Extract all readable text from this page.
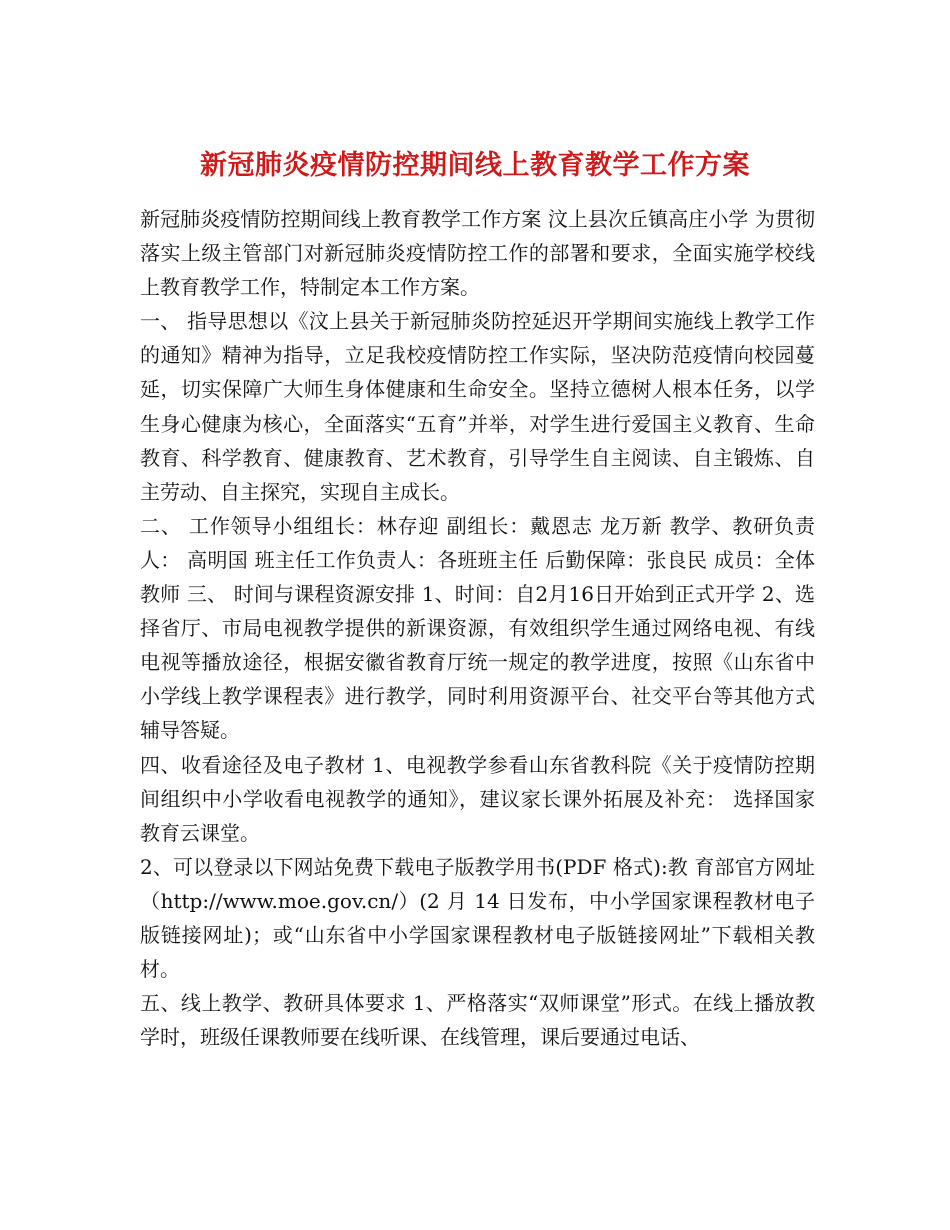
新冠肺炎疫情防控期间线上教育教学工作方案

新冠肺炎疫情防控期间线上教育教学工作方案 汶上县次丘镇高庄小学 为贯彻落实上级主管部门对新冠肺炎疫情防控工作的部署和要求，全面实施学校线上教育教学工作，特制定本工作方案。

一、 指导思想以《汶上县关于新冠肺炎防控延迟开学期间实施线上教学工作的通知》精神为指导，立足我校疫情防控工作实际，坚决防范疫情向校园蔓延，切实保障广大师生身体健康和生命安全。坚持立德树人根本任务，以学生身心健康为核心，全面落实“五育”并举，对学生进行爱国主义教育、生命教育、科学教育、健康教育、艺术教育，引导学生自主阅读、自主锻炼、自主劳动、自主探究，实现自主成长。

二、 工作领导小组组长：林存迎 副组长：戴恩志 龙万新 教学、教研负责人： 高明国 班主任工作负责人：各班班主任 后勤保障：张良民 成员：全体教师 三、 时间与课程资源安排 1、时间：自2月16日开始到正式开学 2、选择省厅、市局电视教学提供的新课资源，有效组织学生通过网络电视、有线电视等播放途径，根据安徽省教育厅统一规定的教学进度，按照《山东省中小学线上教学课程表》进行教学，同时利用资源平台、社交平台等其他方式辅导答疑。

四、收看途径及电子教材 1、电视教学参看山东省教科院《关于疫情防控期间组织中小学收看电视教学的通知》，建议家长课外拓展及补充： 选择国家教育云课堂。

2、可以登录以下网站免费下载电子版教学用书(PDF 格式):教 育部官方网址（http://www.moe.gov.cn/）(2 月 14 日发布，中小学国家课程教材电子版链接网址)；或“山东省中小学国家课程教材电子版链接网址”下载相关教材。

五、线上教学、教研具体要求 1、严格落实“双师课堂”形式。在线上播放教学时，班级任课教师要在线听课、在线管理，课后要通过电话、
